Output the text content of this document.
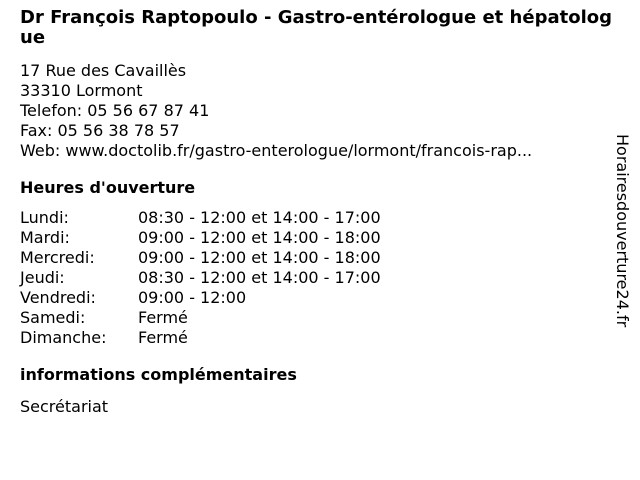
Dr François Raptopoulo - Gastro-entérologue et hépatologue
17 Rue des Cavaillès
33310 Lormont
Telefon: 05 56 67 87 41
Fax: 05 56 38 78 57
Web: www.doctolib.fr/gastro-enterologue/lormont/francois-rap...
Heures d'ouverture
Lundi:	08:30 - 12:00 et 14:00 - 17:00
Mardi:	09:00 - 12:00 et 14:00 - 18:00
Mercredi:	09:00 - 12:00 et 14:00 - 18:00
Jeudi:	08:30 - 12:00 et 14:00 - 17:00
Vendredi:	09:00 - 12:00
Samedi:	Fermé
Dimanche:	Fermé
informations complémentaires
Secrétariat
Horairesdouverture24.fr
